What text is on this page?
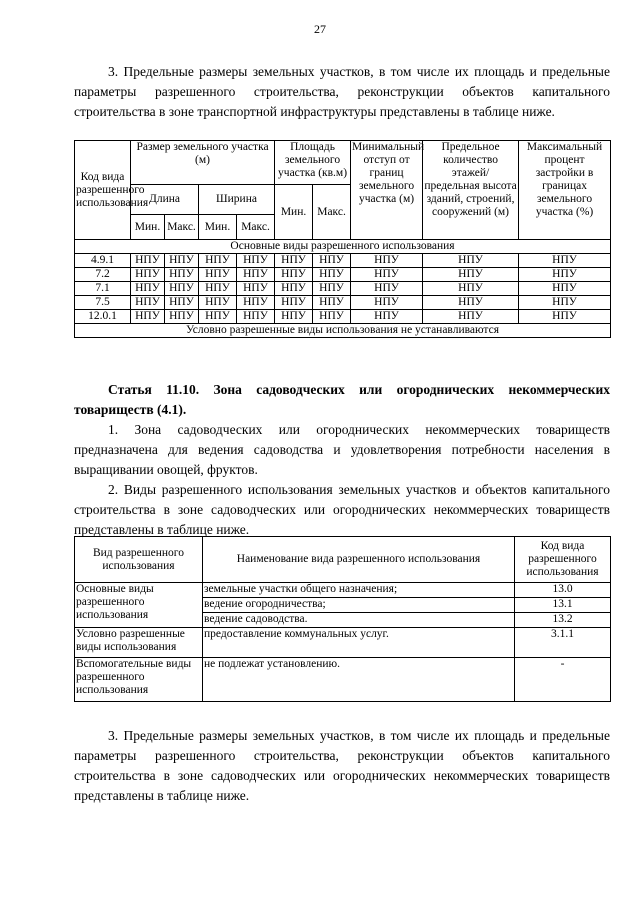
27

3. Предельные размеры земельных участков, в том числе их площадь и предельные параметры разрешенного строительства, реконструкции объектов капитального строительства в зоне транспортной инфраструктуры представлены в таблице ниже.

Код вида разрешенного использования	Размер земельного участка (м)				Площадь земельного участка (кв.м)		Минимальный отступ от границ земельного участка (м)	Предельное количество этажей/ предельная высота зданий, строений, сооружений (м)	Максимальный процент застройки в границах земельного участка (%)
	Длина		Ширина		Мин.	Макс.			
	Мин.	Макс.	Мин.	Макс.					
Основные виды разрешенного использования									
4.9.1	НПУ	НПУ	НПУ	НПУ	НПУ	НПУ	НПУ	НПУ	НПУ
7.2	НПУ	НПУ	НПУ	НПУ	НПУ	НПУ	НПУ	НПУ	НПУ
7.1	НПУ	НПУ	НПУ	НПУ	НПУ	НПУ	НПУ	НПУ	НПУ
7.5	НПУ	НПУ	НПУ	НПУ	НПУ	НПУ	НПУ	НПУ	НПУ
12.0.1	НПУ	НПУ	НПУ	НПУ	НПУ	НПУ	НПУ	НПУ	НПУ
Условно разрешенные виды использования не устанавливаются									

Статья 11.10. Зона садоводческих или огороднических некоммерческих товариществ (4.1).

1. Зона садоводческих или огороднических некоммерческих товариществ предназначена для ведения садоводства и удовлетворения потребности населения в выращивании овощей, фруктов.

2. Виды разрешенного использования земельных участков и объектов капитального строительства в зоне садоводческих или огороднических некоммерческих товариществ представлены в таблице ниже.

Вид разрешенного использования	Наименование вида разрешенного использования	Код вида разрешенного использования
Основные виды разрешенного использования	земельные участки общего назначения;	13.0
	ведение огородничества;	13.1
	ведение садоводства.	13.2
Условно разрешенные виды использования	предоставление коммунальных услуг.	3.1.1
Вспомогательные виды разрешенного использования	не подлежат установлению.	-

3. Предельные размеры земельных участков, в том числе их площадь и предельные параметры разрешенного строительства, реконструкции объектов капитального строительства в зоне садоводческих или огороднических некоммерческих товариществ представлены в таблице ниже.
